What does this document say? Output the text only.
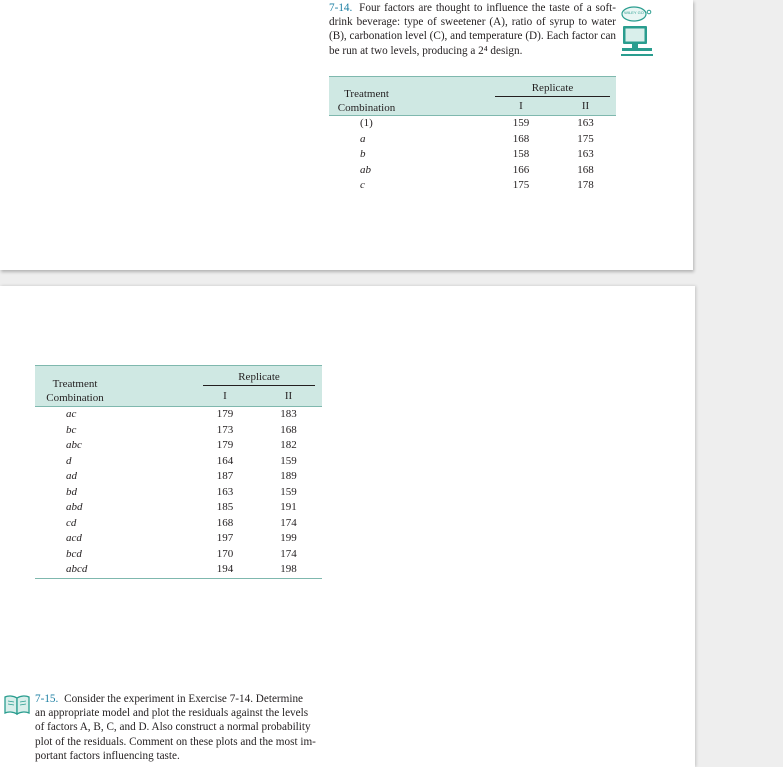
7-14. Four factors are thought to influence the taste of a soft-drink beverage: type of sweetener (A), ratio of syrup to water (B), carbonation level (C), and temperature (D). Each factor can be run at two levels, producing a 2⁴ design.
WILEY GO
Treatment
Combination		Replicate	

		I	II
(1)		159	163
a		168	175
b		158	163
ab		166	168
c		175	178
Treatment
Combination	Replicate		

		I	II
ac		179	183
bc		173	168
abc		179	182
d		164	159
ad		187	189
bd		163	159
abd		185	191
cd		168	174
acd		197	199
bcd		170	174
abcd		194	198
7-15. Consider the experiment in Exercise 7-14. Determine
an appropriate model and plot the residuals against the levels
of factors A, B, C, and D. Also construct a normal probability
plot of the residuals. Comment on these plots and the most im-
portant factors influencing taste.
